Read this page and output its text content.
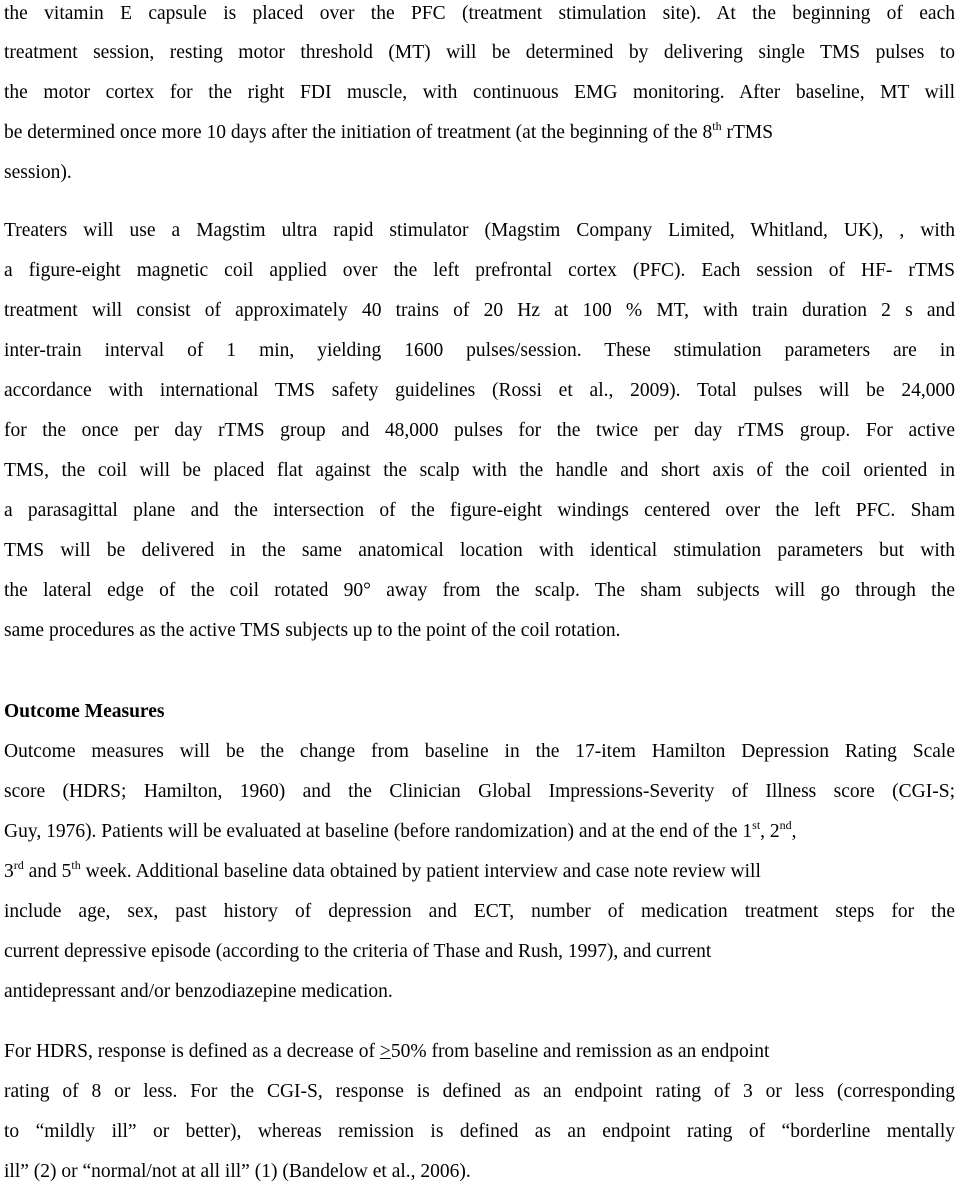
the vitamin E capsule is placed over the PFC (treatment stimulation site). At the beginning of each
treatment session, resting motor threshold (MT) will be determined by delivering single TMS pulses to
the motor cortex for the right FDI muscle, with continuous EMG monitoring. After baseline, MT will
be determined once more 10 days after the initiation of treatment (at the beginning of the 8th rTMS
session).
Treaters will use a Magstim ultra rapid stimulator (Magstim Company Limited, Whitland, UK), , with
a figure-eight magnetic coil applied over the left prefrontal cortex (PFC). Each session of HF- rTMS
treatment will consist of approximately 40 trains of 20 Hz at 100 % MT, with train duration 2 s and
inter-train interval of 1 min, yielding 1600 pulses/session. These stimulation parameters are in
accordance with international TMS safety guidelines (Rossi et al., 2009). Total pulses will be 24,000
for the once per day rTMS group and 48,000 pulses for the twice per day rTMS group. For active
TMS, the coil will be placed flat against the scalp with the handle and short axis of the coil oriented in
a parasagittal plane and the intersection of the figure-eight windings centered over the left PFC. Sham
TMS will be delivered in the same anatomical location with identical stimulation parameters but with
the lateral edge of the coil rotated 90° away from the scalp. The sham subjects will go through the
same procedures as the active TMS subjects up to the point of the coil rotation.
Outcome Measures
Outcome measures will be the change from baseline in the 17-item Hamilton Depression Rating Scale
score (HDRS; Hamilton, 1960) and the Clinician Global Impressions-Severity of Illness score (CGI-S;
Guy, 1976). Patients will be evaluated at baseline (before randomization) and at the end of the 1st, 2nd,
3rd and 5th week. Additional baseline data obtained by patient interview and case note review will
include age, sex, past history of depression and ECT, number of medication treatment steps for the
current depressive episode (according to the criteria of Thase and Rush, 1997), and current
antidepressant and/or benzodiazepine medication.
For HDRS, response is defined as a decrease of ≥50% from baseline and remission as an endpoint
rating of 8 or less. For the CGI-S, response is defined as an endpoint rating of 3 or less (corresponding
to “mildly ill” or better), whereas remission is defined as an endpoint rating of “borderline mentally
ill” (2) or “normal/not at all ill” (1) (Bandelow et al., 2006).
